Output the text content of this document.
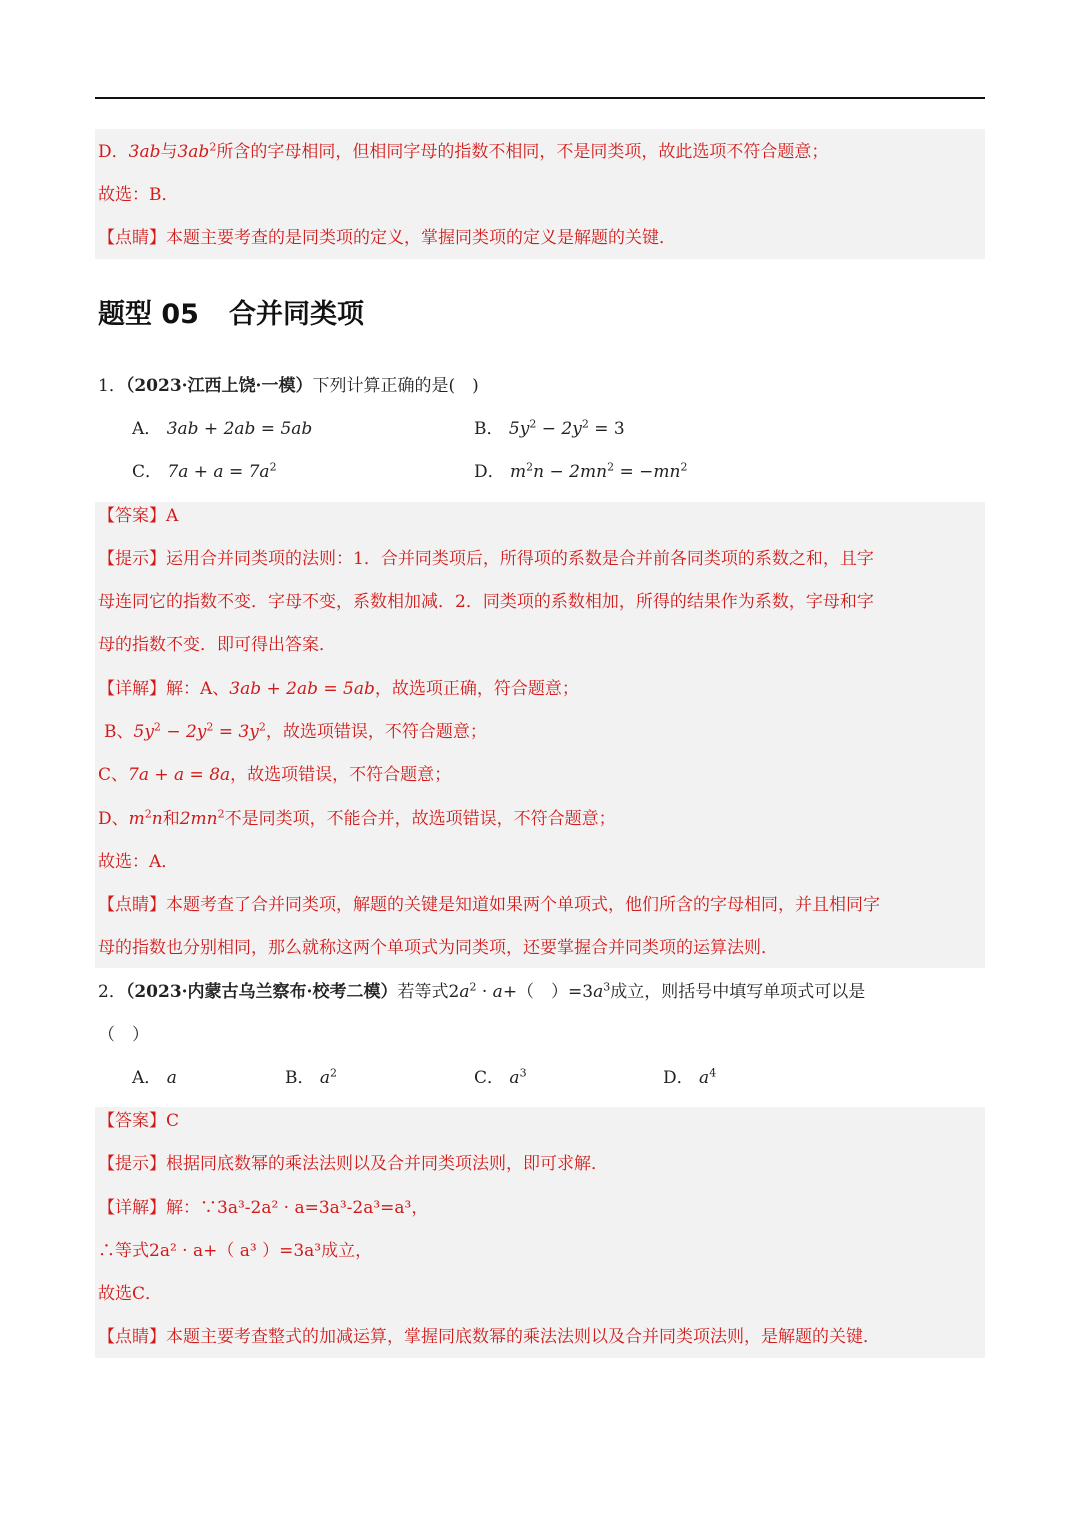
D．3ab与$3ab^2$所含的字母相同，但相同字母的指数不相同，不是同类项，故此选项不符合题意；
故选：B．
【点睛】本题主要考查的是同类项的定义，掌握同类项的定义是解题的关键．
题型 05 合并同类项
1．（2023·江西上饶·一模）下列计算正确的是(　)
A． 3ab + 2ab = 5ab	B． $5y^2 - 2y^2 = 3$
C． $7a + a = 7a^2$	D． $m^2n - 2mn^2 = -mn^2$
【答案】A
【提示】运用合并同类项的法则：1．合并同类项后，所得项的系数是合并前各同类项的系数之和，且字
母连同它的指数不变．字母不变，系数相加减．2．同类项的系数相加，所得的结果作为系数，字母和字
母的指数不变．即可得出答案．
【详解】解：A、3ab + 2ab = 5ab，故选项正确，符合题意；
B、$5y^2 - 2y^2 = 3y^2$，故选项错误，不符合题意；
C、7a + a = 8a，故选项错误，不符合题意；
D、$m^2n$和$2mn^2$不是同类项，不能合并，故选项错误，不符合题意；
故选：A．
【点睛】本题考查了合并同类项，解题的关键是知道如果两个单项式，他们所含的字母相同，并且相同字
母的指数也分别相同，那么就称这两个单项式为同类项，还要掌握合并同类项的运算法则．
2．（2023·内蒙古乌兰察布·校考二模）若等式$2a^2 \cdot a+$（　）$=3a^3$成立，则括号中填写单项式可以是
（　）
A． a	B． $a^2$	C． $a^3$	D． $a^4$
【答案】C
【提示】根据同底数幂的乘法法则以及合并同类项法则，即可求解．
【详解】解：∵3a³-2a² · a=3a³-2a³=a³，
∴等式2a² · a+（ a³ ）=3a³成立，
故选C．
【点睛】本题主要考查整式的加减运算，掌握同底数幂的乘法法则以及合并同类项法则，是解题的关键．
